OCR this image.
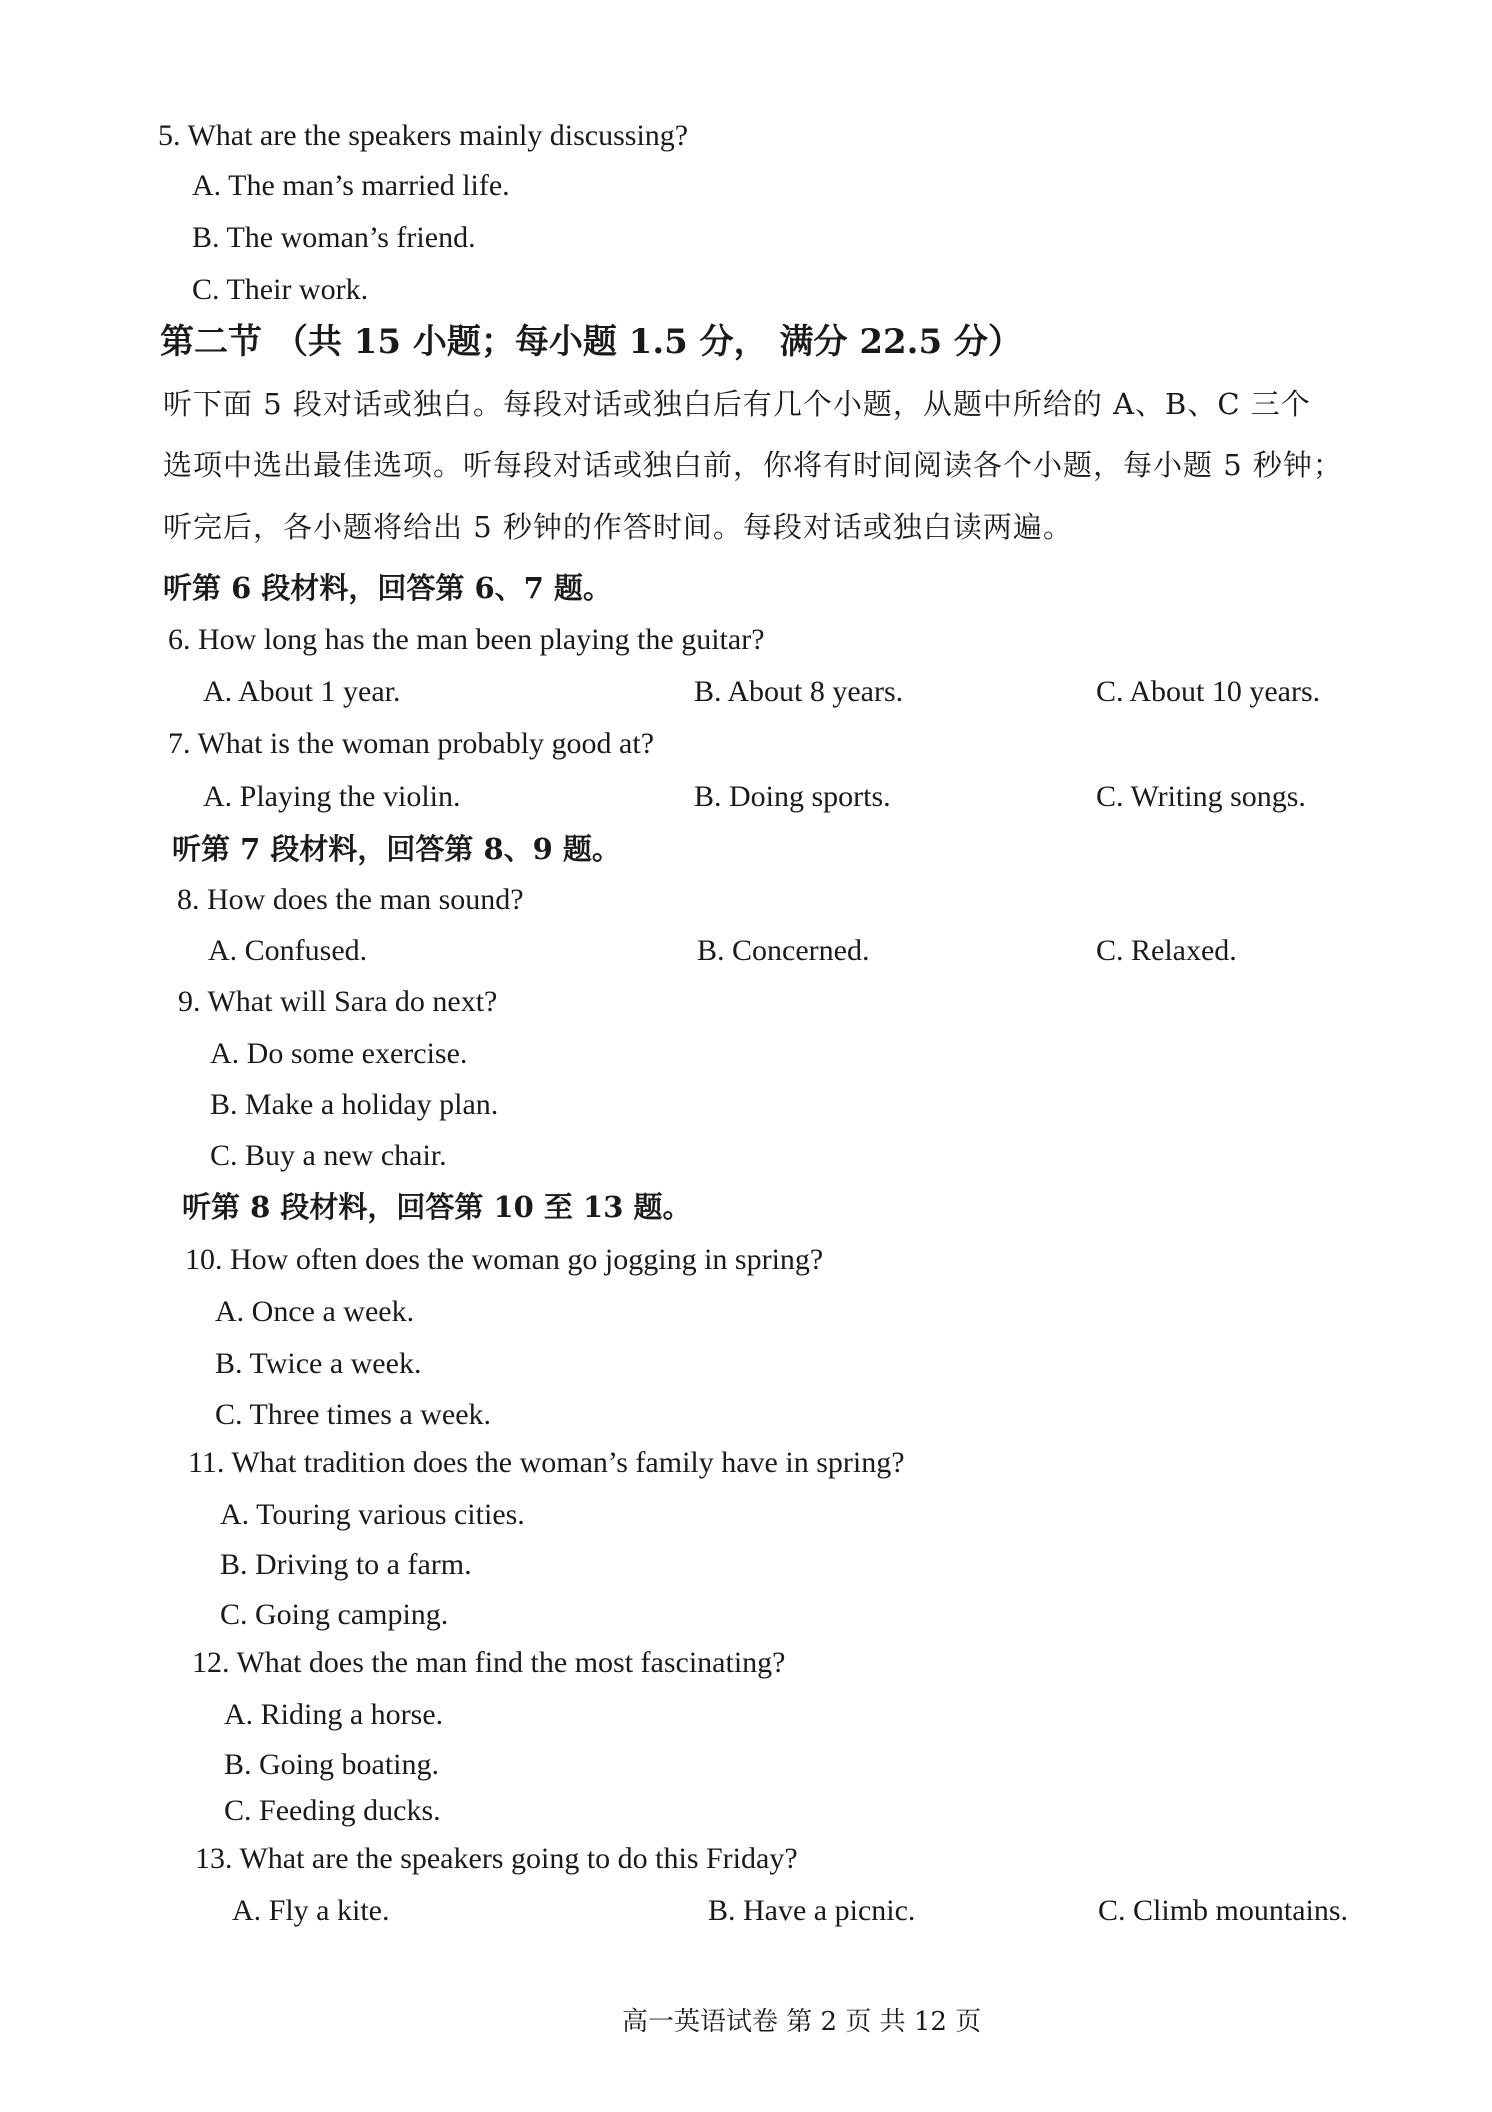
5. What are the speakers mainly discussing?
A. The man’s married life.
B. The woman’s friend.
C. Their work.
第二节 （共 15 小题；每小题 1.5 分， 满分 22.5 分）
听下面 5 段对话或独白。每段对话或独白后有几个小题，从题中所给的 A、B、C 三个
选项中选出最佳选项。听每段对话或独白前，你将有时间阅读各个小题，每小题 5 秒钟；
听完后，各小题将给出 5 秒钟的作答时间。每段对话或独白读两遍。
听第 6 段材料，回答第 6、7 题。
6. How long has the man been playing the guitar?
A. About 1 year.	B. About 8 years.	C. About 10 years.
7. What is the woman probably good at?
A. Playing the violin.	B. Doing sports.	C. Writing songs.
听第 7 段材料，回答第 8、9 题。
8. How does the man sound?
A. Confused.	B. Concerned.	C. Relaxed.
9. What will Sara do next?
A. Do some exercise.
B. Make a holiday plan.
C. Buy a new chair.
听第 8 段材料，回答第 10 至 13 题。
10. How often does the woman go jogging in spring?
A. Once a week.
B. Twice a week.
C. Three times a week.
11. What tradition does the woman’s family have in spring?
A. Touring various cities.
B. Driving to a farm.
C. Going camping.
12. What does the man find the most fascinating?
A. Riding a horse.
B. Going boating.
C. Feeding ducks.
13. What are the speakers going to do this Friday?
A. Fly a kite.	B. Have a picnic.	C. Climb mountains.
高一英语试卷 第 2 页 共 12 页
